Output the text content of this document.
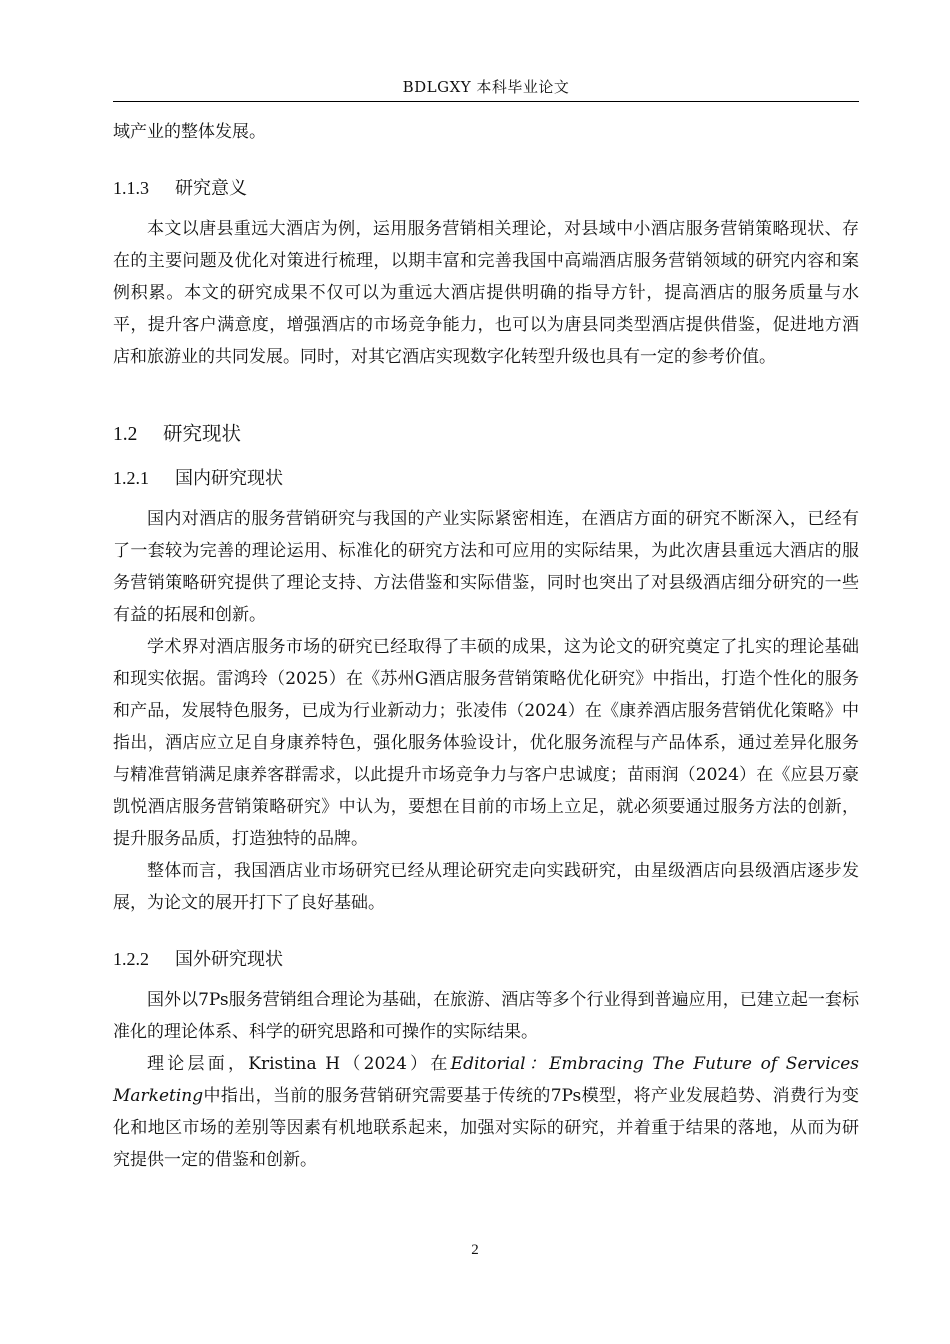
BDLGXY 本科毕业论文

域产业的整体发展。

1.1.3 研究意义

本文以唐县重远大酒店为例，运用服务营销相关理论，对县域中小酒店服务营销策略现状、存在的主要问题及优化对策进行梳理，以期丰富和完善我国中高端酒店服务营销领域的研究内容和案例积累。本文的研究成果不仅可以为重远大酒店提供明确的指导方针，提高酒店的服务质量与水平，提升客户满意度，增强酒店的市场竞争能力，也可以为唐县同类型酒店提供借鉴，促进地方酒店和旅游业的共同发展。同时，对其它酒店实现数字化转型升级也具有一定的参考价值。

1.2 研究现状
1.2.1 国内研究现状

国内对酒店的服务营销研究与我国的产业实际紧密相连，在酒店方面的研究不断深入，已经有了一套较为完善的理论运用、标准化的研究方法和可应用的实际结果，为此次唐县重远大酒店的服务营销策略研究提供了理论支持、方法借鉴和实际借鉴，同时也突出了对县级酒店细分研究的一些有益的拓展和创新。

学术界对酒店服务市场的研究已经取得了丰硕的成果，这为论文的研究奠定了扎实的理论基础和现实依据。雷鸿玲（2025）在《苏州G酒店服务营销策略优化研究》中指出，打造个性化的服务和产品，发展特色服务，已成为行业新动力；张凌伟（2024）在《康养酒店服务营销优化策略》中指出，酒店应立足自身康养特色，强化服务体验设计，优化服务流程与产品体系，通过差异化服务与精准营销满足康养客群需求，以此提升市场竞争力与客户忠诚度；苗雨润（2024）在《应县万豪凯悦酒店服务营销策略研究》中认为，要想在目前的市场上立足，就必须要通过服务方法的创新，提升服务品质，打造独特的品牌。

整体而言，我国酒店业市场研究已经从理论研究走向实践研究，由星级酒店向县级酒店逐步发展，为论文的展开打下了良好基础。

1.2.2 国外研究现状

国外以7Ps服务营销组合理论为基础，在旅游、酒店等多个行业得到普遍应用，已建立起一套标准化的理论体系、科学的研究思路和可操作的实际结果。

理论层面，Kristina H（2024）在Editorial：Embracing The Future of Services Marketing中指出，当前的服务营销研究需要基于传统的7Ps模型，将产业发展趋势、消费行为变化和地区市场的差别等因素有机地联系起来，加强对实际的研究，并着重于结果的落地，从而为研究提供一定的借鉴和创新。

2
